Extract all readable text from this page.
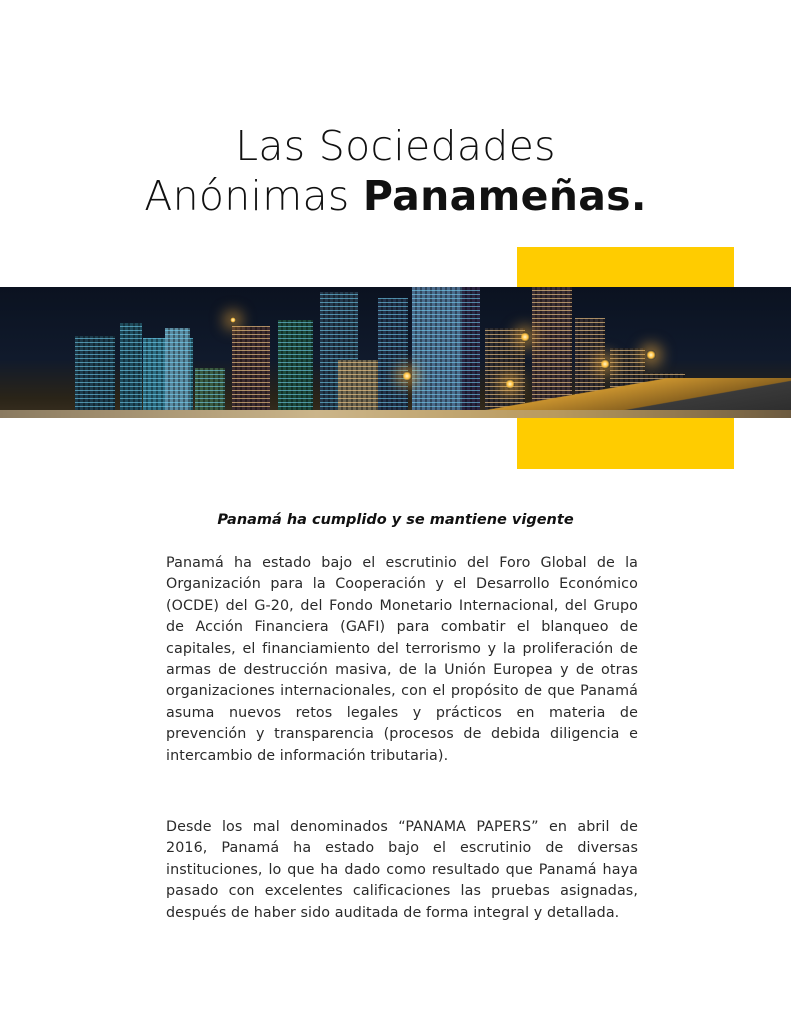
Las Sociedades
Anónimas Panameñas.
Panamá ha cumplido y se mantiene vigente

Panamá ha estado bajo el escrutinio del Foro Global de la Organización para la Cooperación y el Desarrollo Económico (OCDE) del G-20, del Fondo Monetario Internacional, del Grupo de Acción Financiera (GAFI) para combatir el blanqueo de capitales, el financiamiento del terrorismo y la proliferación de armas de destrucción masiva, de la Unión Europea y de otras organizaciones internacionales, con el propósito de que Panamá asuma nuevos retos legales y prácticos en materia de prevención y transparencia (procesos de debida diligencia e intercambio de información tributaria).

Desde los mal denominados “PANAMA PAPERS” en abril de 2016, Panamá ha estado bajo el escrutinio de diversas instituciones, lo que ha dado como resultado que Panamá haya pasado con excelentes calificaciones las pruebas asignadas, después de haber sido auditada de forma integral y detallada.
